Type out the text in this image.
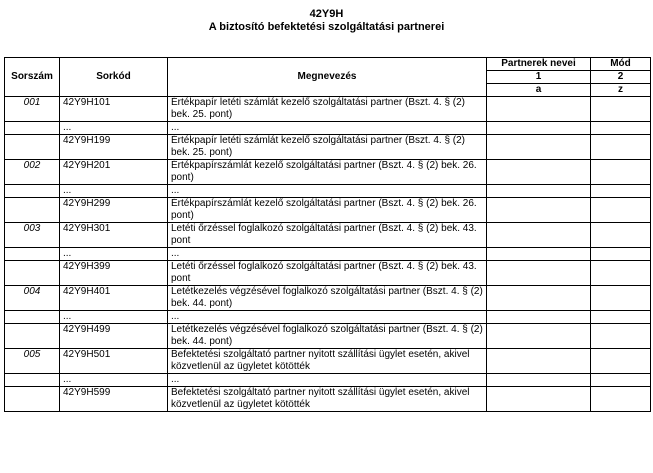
42Y9H
A biztosító befektetési szolgáltatási partnerei
Sorszám	Sorkód	Megnevezés	Partnerek nevei	Mód
			1	2
			a	z
001	42Y9H101	Értékpapír letéti számlát kezelő szolgáltatási partner (Bszt. 4. § (2) bek. 25. pont)		
	...	...		
	42Y9H199	Értékpapír letéti számlát kezelő szolgáltatási partner (Bszt. 4. § (2) bek. 25. pont)		
002	42Y9H201	Értékpapírszámlát kezelő szolgáltatási partner (Bszt. 4. § (2) bek. 26. pont)		
	...	...		
	42Y9H299	Értékpapírszámlát kezelő szolgáltatási partner (Bszt. 4. § (2) bek. 26. pont)		
003	42Y9H301	Letéti őrzéssel foglalkozó szolgáltatási partner (Bszt. 4. § (2) bek. 43. pont		
	...	...		
	42Y9H399	Letéti őrzéssel foglalkozó szolgáltatási partner (Bszt. 4. § (2) bek. 43. pont		
004	42Y9H401	Letétkezelés végzésével foglalkozó szolgáltatási partner (Bszt. 4. § (2) bek. 44. pont)		
	...	...		
	42Y9H499	Letétkezelés végzésével foglalkozó szolgáltatási partner (Bszt. 4. § (2) bek. 44. pont)		
005	42Y9H501	Befektetési szolgáltató partner nyitott szállítási ügylet esetén, akivel közvetlenül az ügyletet kötötték		
	...	...		
	42Y9H599	Befektetési szolgáltató partner nyitott szállítási ügylet esetén, akivel közvetlenül az ügyletet kötötték		
